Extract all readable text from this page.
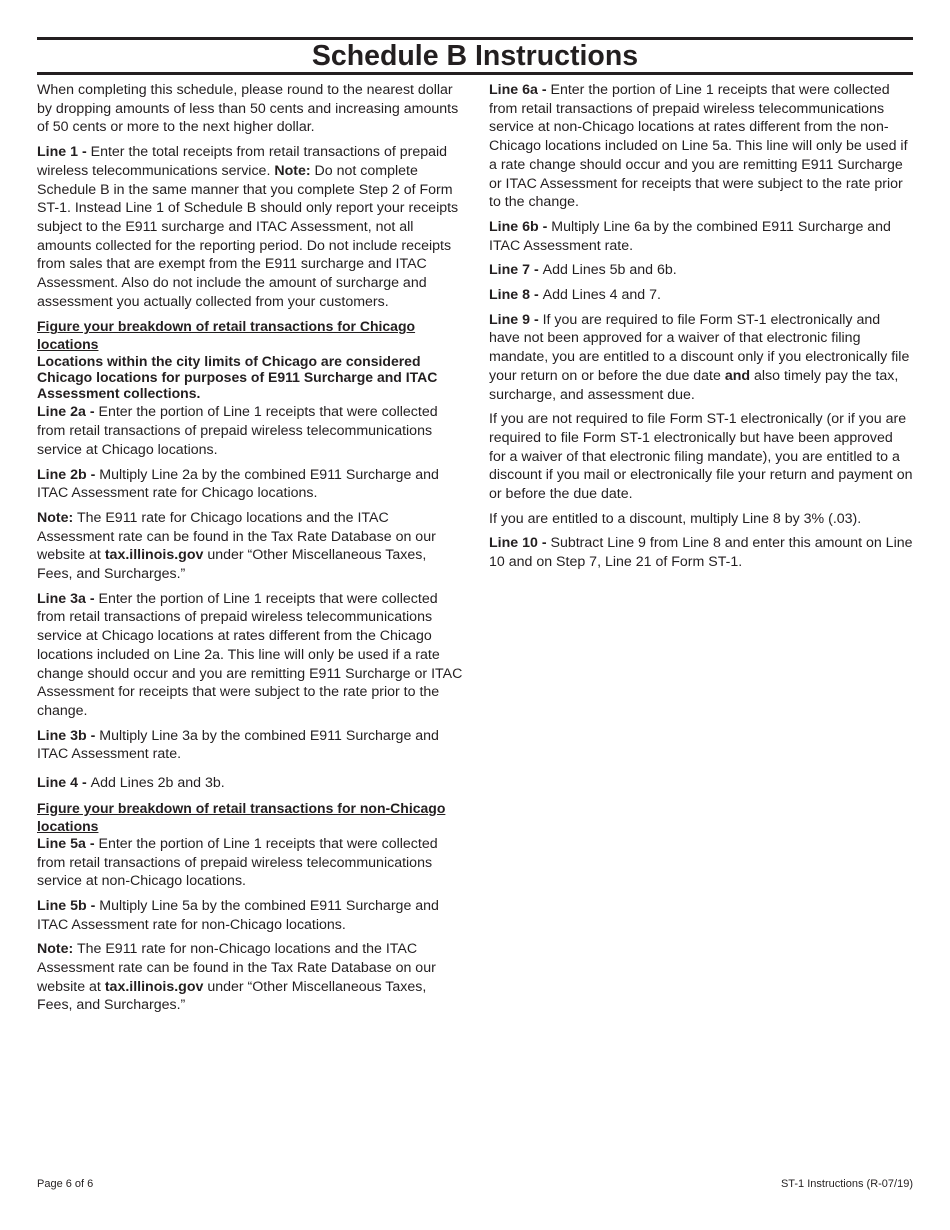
Schedule B Instructions

When completing this schedule, please round to the nearest dollar by dropping amounts of less than 50 cents and increasing amounts of 50 cents or more to the next higher dollar.

Line 1 - Enter the total receipts from retail transactions of prepaid wireless telecommunications service. Note: Do not complete Schedule B in the same manner that you complete Step 2 of Form ST-1. Instead Line 1 of Schedule B should only report your receipts subject to the E911 surcharge and ITAC Assessment, not all amounts collected for the reporting period. Do not include receipts from sales that are exempt from the E911 surcharge and ITAC Assessment. Also do not include the amount of surcharge and assessment you actually collected from your customers.

Figure your breakdown of retail transactions for Chicago locations
Locations within the city limits of Chicago are considered Chicago locations for purposes of E911 Surcharge and ITAC Assessment collections.

Line 2a - Enter the portion of Line 1 receipts that were collected from retail transactions of prepaid wireless telecommunications service at Chicago locations.

Line 2b - Multiply Line 2a by the combined E911 Surcharge and ITAC Assessment rate for Chicago locations.

Note: The E911 rate for Chicago locations and the ITAC Assessment rate can be found in the Tax Rate Database on our website at tax.illinois.gov under “Other Miscellaneous Taxes, Fees, and Surcharges.”

Line 3a - Enter the portion of Line 1 receipts that were collected from retail transactions of prepaid wireless telecommunications service at Chicago locations at rates different from the Chicago locations included on Line 2a. This line will only be used if a rate change should occur and you are remitting E911 Surcharge or ITAC Assessment for receipts that were subject to the rate prior to the change.

Line 3b - Multiply Line 3a by the combined E911 Surcharge and ITAC Assessment rate.

Line 4 - Add Lines 2b and 3b.

Figure your breakdown of retail transactions for non-Chicago locations

Line 5a - Enter the portion of Line 1 receipts that were collected from retail transactions of prepaid wireless telecommunications service at non-Chicago locations.

Line 5b - Multiply Line 5a by the combined E911 Surcharge and ITAC Assessment rate for non-Chicago locations.

Note: The E911 rate for non-Chicago locations and the ITAC Assessment rate can be found in the Tax Rate Database on our website at tax.illinois.gov under “Other Miscellaneous Taxes, Fees, and Surcharges.”

Line 6a - Enter the portion of Line 1 receipts that were collected from retail transactions of prepaid wireless telecommunications service at non-Chicago locations at rates different from the non-Chicago locations included on Line 5a. This line will only be used if a rate change should occur and you are remitting E911 Surcharge or ITAC Assessment for receipts that were subject to the rate prior to the change.

Line 6b - Multiply Line 6a by the combined E911 Surcharge and ITAC Assessment rate.

Line 7 - Add Lines 5b and 6b.

Line 8 - Add Lines 4 and 7.

Line 9 - If you are required to file Form ST-1 electronically and have not been approved for a waiver of that electronic filing mandate, you are entitled to a discount only if you electronically file your return on or before the due date and also timely pay the tax, surcharge, and assessment due.

If you are not required to file Form ST-1 electronically (or if you are required to file Form ST-1 electronically but have been approved for a waiver of that electronic filing mandate), you are entitled to a discount if you mail or electronically file your return and payment on or before the due date.

If you are entitled to a discount, multiply Line 8 by 3% (.03).

Line 10 - Subtract Line 9 from Line 8 and enter this amount on Line 10 and on Step 7, Line 21 of Form ST-1.

Page 6 of 6	ST-1 Instructions (R-07/19)
